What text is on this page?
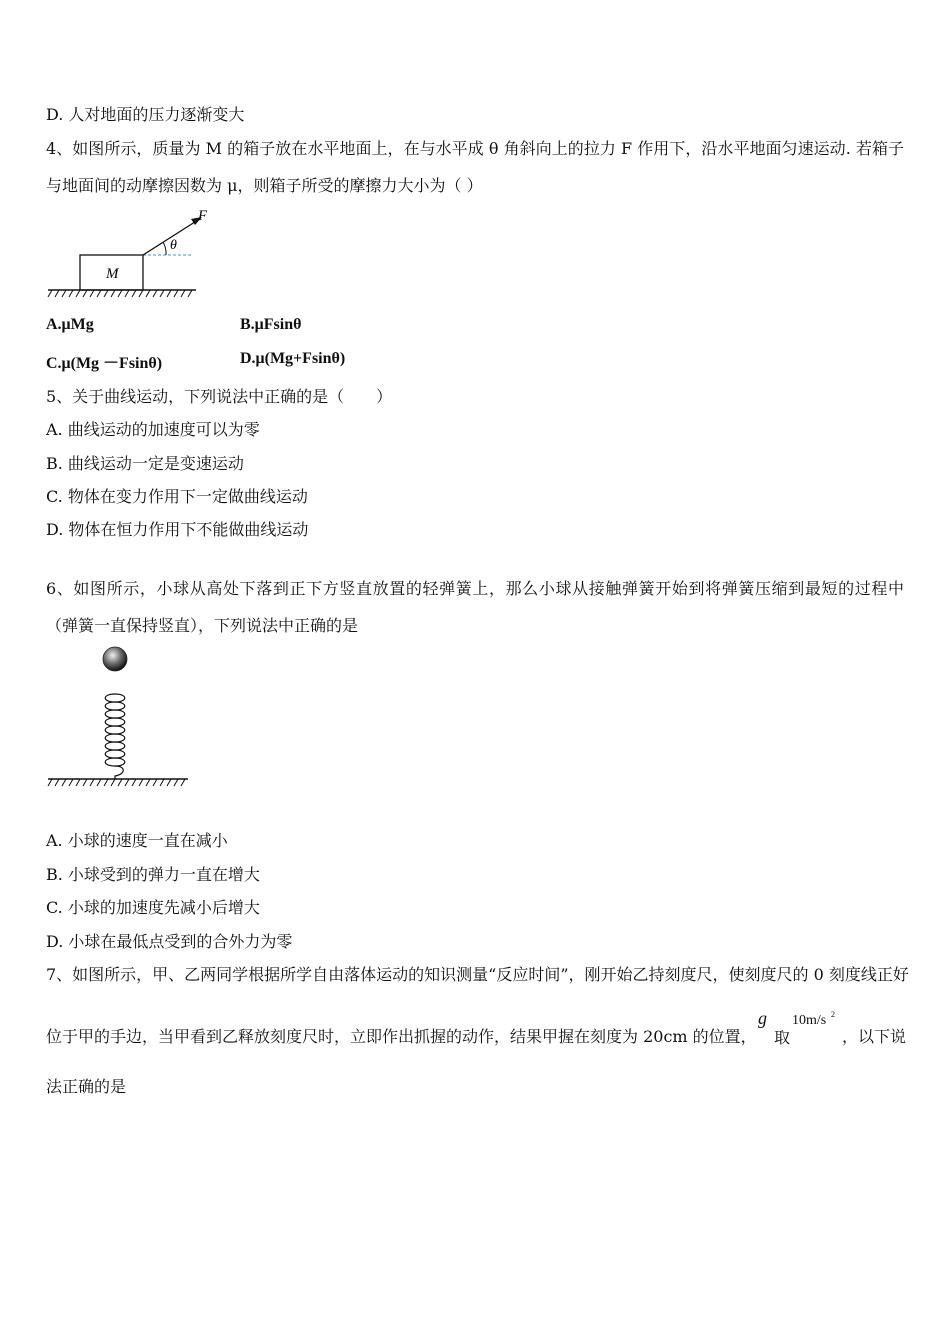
D. 人对地面的压力逐渐变大
4、如图所示，质量为 M 的箱子放在水平地面上，在与水平成 θ 角斜向上的拉力 F 作用下，沿水平地面匀速运动. 若箱子
与地面间的动摩擦因数为 μ，则箱子所受的摩擦力大小为（ ）
M
θ
F
A.μMg	B.μFsinθ
C.μ(Mg －Fsinθ)	D.μ(Mg+Fsinθ)
5、关于曲线运动，下列说法中正确的是（　　）
A. 曲线运动的加速度可以为零
B. 曲线运动一定是变速运动
C. 物体在变力作用下一定做曲线运动
D. 物体在恒力作用下不能做曲线运动
6、如图所示，小球从高处下落到正下方竖直放置的轻弹簧上，那么小球从接触弹簧开始到将弹簧压缩到最短的过程中
（弹簧一直保持竖直），下列说法中正确的是
A. 小球的速度一直在减小
B. 小球受到的弹力一直在增大
C. 小球的加速度先减小后增大
D. 小球在最低点受到的合外力为零
7、如图所示，甲、乙两同学根据所学自由落体运动的知识测量“反应时间”，刚开始乙持刻度尺，使刻度尺的 0 刻度线正好
位于甲的手边，当甲看到乙释放刻度尺时，立即作出抓握的动作，结果甲握在刻度为 20cm 的位置，
g
取
10m/s 2
，以下说
法正确的是
